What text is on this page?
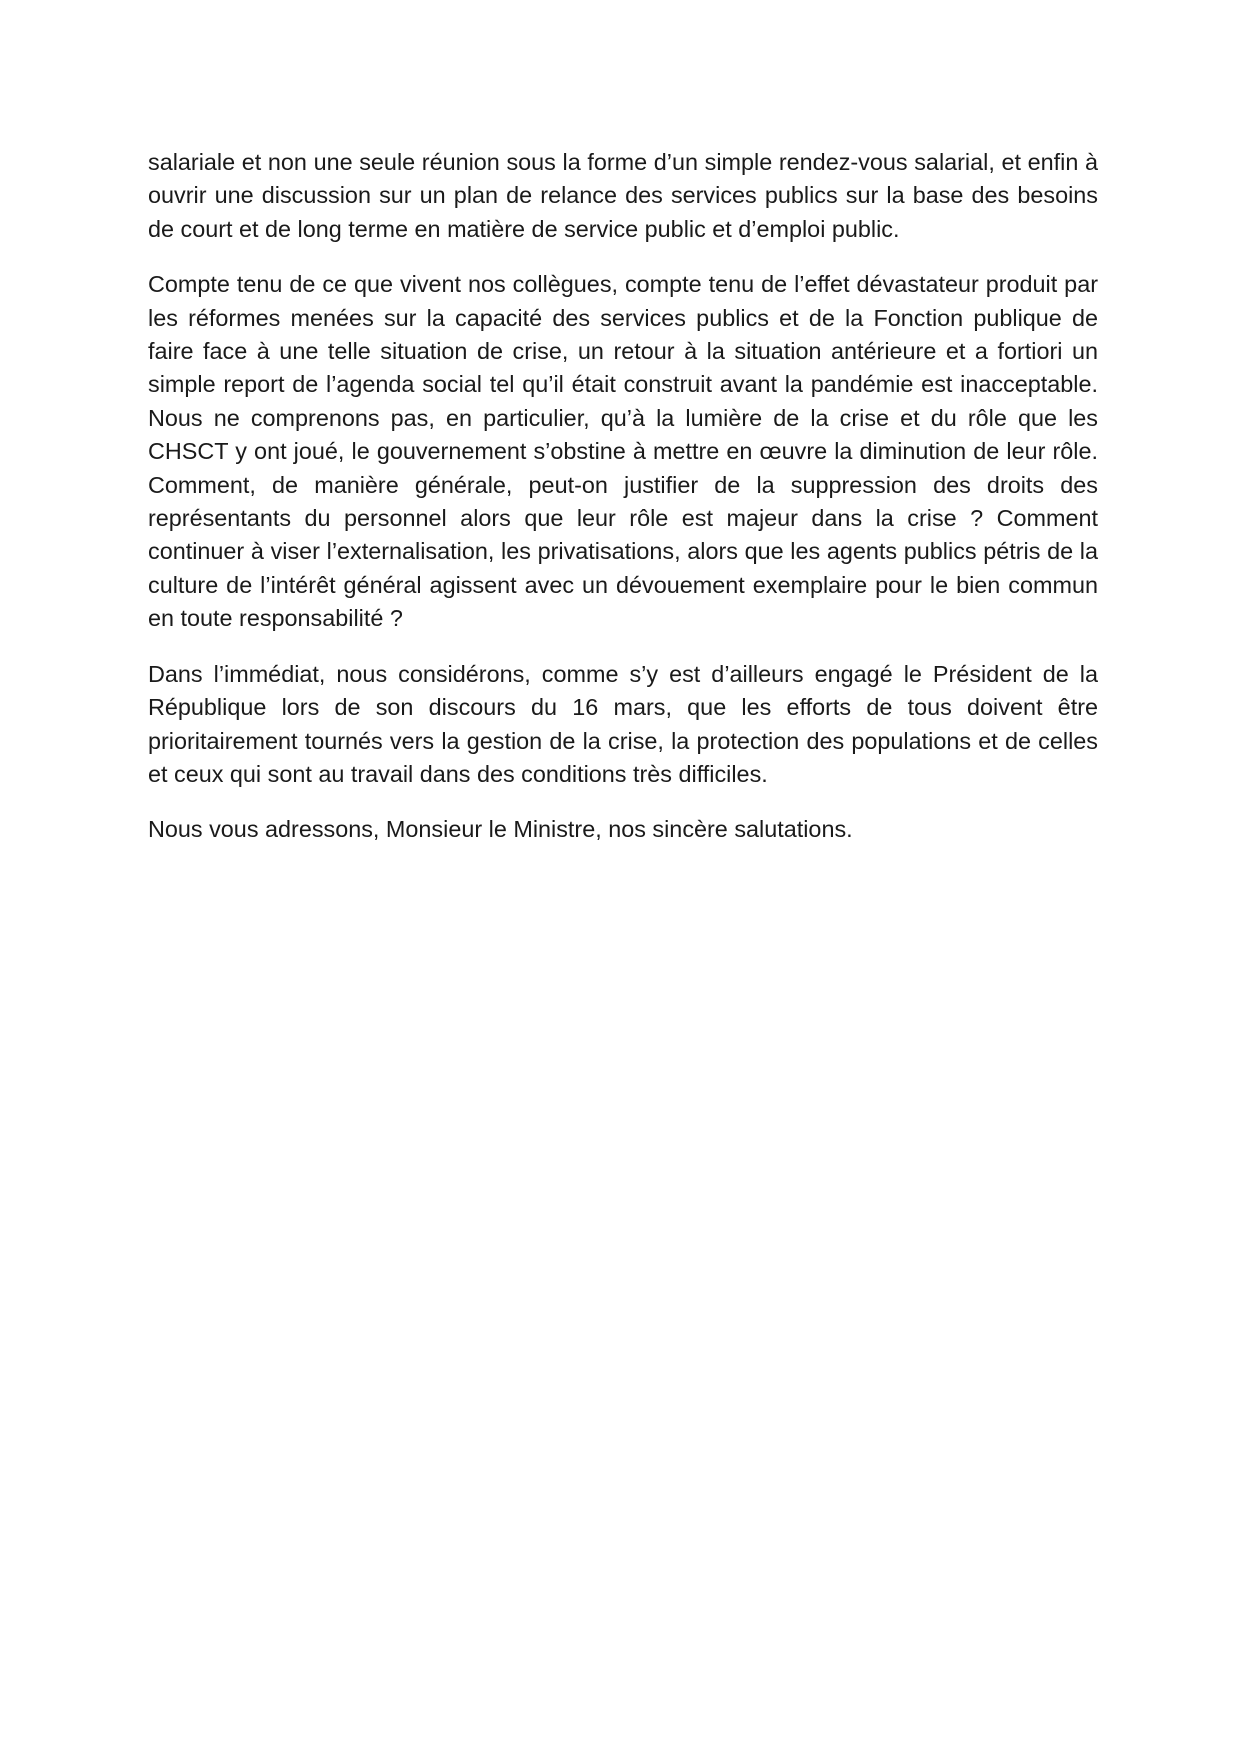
salariale et non une seule réunion sous la forme d’un simple rendez-vous salarial, et enfin à ouvrir une discussion sur un plan de relance des services publics sur la base des besoins de court et de long terme en matière de service public et d’emploi public.

Compte tenu de ce que vivent nos collègues, compte tenu de l’effet dévastateur produit par les réformes menées sur la capacité des services publics et de la Fonction publique de faire face à une telle situation de crise, un retour à la situation antérieure et a fortiori un simple report de l’agenda social tel qu’il était construit avant la pandémie est inacceptable. Nous ne comprenons pas, en particulier, qu’à la lumière de la crise et du rôle que les CHSCT y ont joué, le gouvernement s’obstine à mettre en œuvre la diminution de leur rôle. Comment, de manière générale, peut-on justifier de la suppression des droits des représentants du personnel alors que leur rôle est majeur dans la crise ? Comment continuer à viser l’externalisation, les privatisations, alors que les agents publics pétris de la culture de l’intérêt général agissent avec un dévouement exemplaire pour le bien commun en toute responsabilité ?

Dans l’immédiat, nous considérons, comme s’y est d’ailleurs engagé le Président de la République lors de son discours du 16 mars, que les efforts de tous doivent être prioritairement tournés vers la gestion de la crise, la protection des populations et de celles et ceux qui sont au travail dans des conditions très difficiles.

Nous vous adressons, Monsieur le Ministre, nos sincère salutations.
